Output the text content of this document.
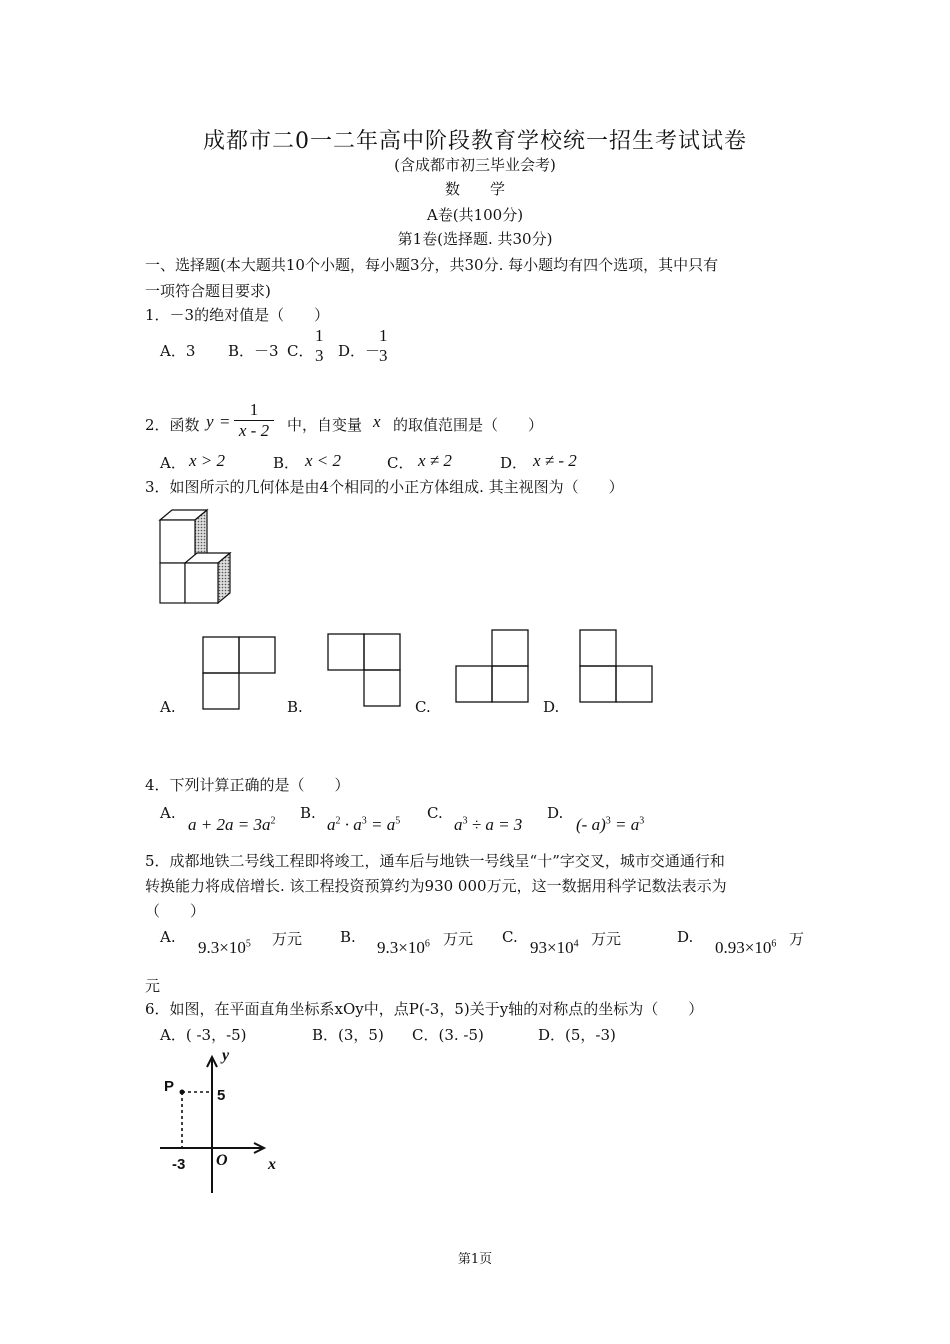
成都市二0一二年高中阶段教育学校统一招生考试试卷
(含成都市初三毕业会考)
数　　学
A卷(共100分)
第1卷(选择题. 共30分)
一、选择题(本大题共10个小题，每小题3分，共30分. 每小题均有四个选项，其中只有
一项符合题目要求)
1．－3的绝对值是（　　）
A．3 B．－3 C．
1
3 D．－
1
3
2．函数 $y = \frac{1}{x - 2}$ 中，自变量 x 的取值范围是（　　）
A． x > 2	B． x < 2	C． x ≠ 2	D． x ≠ - 2
3．如图所示的几何体是由4个相同的小正方体组成. 其主视图为（　　）
A.	B.	C.	D.
4．下列计算正确的是（　　）
A.
$a + 2a = 3a^2$ B.
$a^2 \cdot a^3 = a^5$ C.
$a^3 \div a = 3$
D.
(- $a)^3 = a^3$
5．成都地铁二号线工程即将竣工，通车后与地铁一号线呈“十”字交叉，城市交通通行和
转换能力将成倍增长. 该工程投资预算约为930 000万元，这一数据用科学记数法表示为
（　　）
A.
$9.3\times 10^5$ 万元	B.
$9.3\times 10^6$ 万元 C.
$93\times 10^4$ 万元	D.
$0.93\times 10^6$ 万
元
6．如图，在平面直角坐标系xOy中，点P(-3，5)关于y轴的对称点的坐标为（　　）
A．( -3，-5)	B．(3，5) C．(3. -5)	D．(5，-3)
P
y
x
O
5
-3
第1页
